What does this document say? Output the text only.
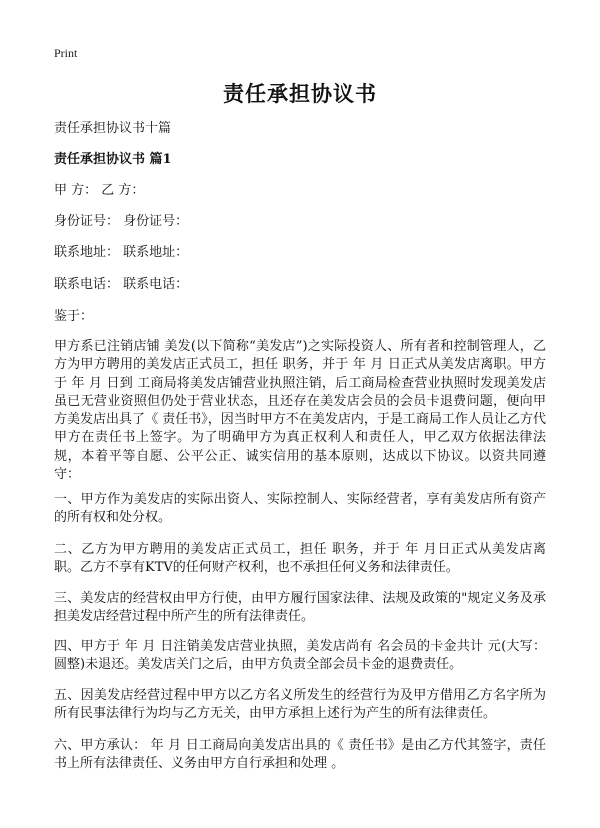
Print
责任承担协议书
责任承担协议书十篇
责任承担协议书 篇1
甲 方： 乙 方：
身份证号： 身份证号：
联系地址： 联系地址：
联系电话： 联系电话：
鉴于：
甲方系已注销店铺 美发(以下简称“美发店”)之实际投资人、所有者和控制管理人，乙方为甲方聘用的美发店正式员工，担任 职务，并于 年 月 日正式从美发店离职。甲方于 年 月 日到 工商局将美发店铺营业执照注销，后工商局检查营业执照时发现美发店虽已无营业资照但仍处于营业状态，且还存在美发店会员的会员卡退费问题，便向甲方美发店出具了《 责任书》，因当时甲方不在美发店内，于是工商局工作人员让乙方代甲方在责任书上签字。为了明确甲方为真正权利人和责任人，甲乙双方依据法律法规，本着平等自愿、公平公正、诚实信用的基本原则，达成以下协议。以资共同遵守：
一、甲方作为美发店的实际出资人、实际控制人、实际经营者，享有美发店所有资产的所有权和处分权。
二、乙方为甲方聘用的美发店正式员工，担任 职务，并于 年 月日正式从美发店离职。乙方不享有KTV的任何财产权利，也不承担任何义务和法律责任。
三、美发店的经营权由甲方行使，由甲方履行国家法律、法规及政策的"规定义务及承担美发店经营过程中所产生的所有法律责任。
四、甲方于 年 月 日注销美发店营业执照，美发店尚有 名会员的卡金共计 元(大写： 圆整)未退还。美发店关门之后，由甲方负责全部会员卡金的退费责任。
五、因美发店经营过程中甲方以乙方名义所发生的经营行为及甲方借用乙方名字所为所有民事法律行为均与乙方无关，由甲方承担上述行为产生的所有法律责任。
六、甲方承认： 年 月 日工商局向美发店出具的《 责任书》是由乙方代其签字，责任书上所有法律责任、义务由甲方自行承担和处理 。
